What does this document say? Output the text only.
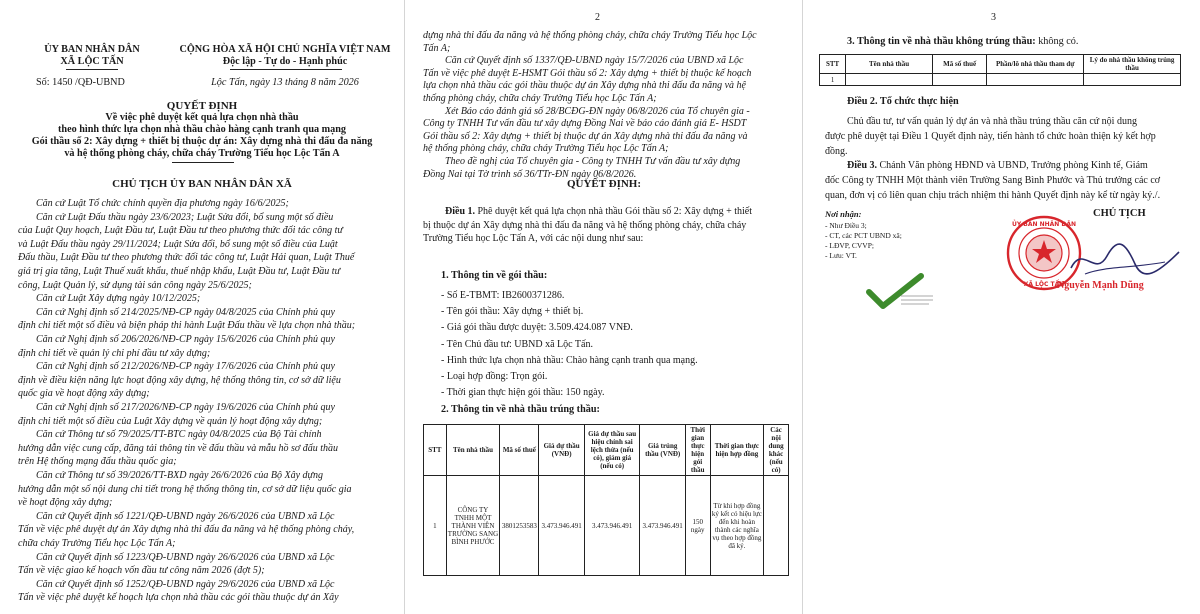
ỦY BAN NHÂN DÂN
XÃ LỘC TẤN
Số: 1450 /QĐ-UBND
CỘNG HÒA XÃ HỘI CHỦ NGHĨA VIỆT NAM
Độc lập - Tự do - Hạnh phúc
Lộc Tấn, ngày 13 tháng 8 năm 2026
QUYẾT ĐỊNH
Về việc phê duyệt kết quả lựa chọn nhà thầu
theo hình thức lựa chọn nhà thầu chào hàng cạnh tranh qua mạng
Gói thầu số 2: Xây dựng + thiết bị thuộc dự án: Xây dựng nhà thi đấu đa năng
và hệ thống phòng cháy, chữa cháy Trường Tiểu học Lộc Tấn A
CHỦ TỊCH ỦY BAN NHÂN DÂN XÃ
Căn cứ Luật Tổ chức chính quyền địa phương ngày 16/6/2025;
Căn cứ Luật Đấu thầu ngày 23/6/2023; Luật Sửa đổi, bổ sung một số điều
của Luật Quy hoạch, Luật Đầu tư, Luật Đầu tư theo phương thức đối tác công tư
và Luật Đấu thầu ngày 29/11/2024; Luật Sửa đổi, bổ sung một số điều của Luật
Đấu thầu, Luật Đầu tư theo phương thức đối tác công tư, Luật Hải quan, Luật Thuế
giá trị gia tăng, Luật Thuế xuất khẩu, thuế nhập khẩu, Luật Đầu tư, Luật Đầu tư
công, Luật Quản lý, sử dụng tài sản công ngày 25/6/2025;
Căn cứ Luật Xây dựng ngày 10/12/2025;
Căn cứ Nghị định số 214/2025/NĐ-CP ngày 04/8/2025 của Chính phủ quy
định chi tiết một số điều và biện pháp thi hành Luật Đấu thầu về lựa chọn nhà thầu;
Căn cứ Nghị định số 206/2026/NĐ-CP ngày 15/6/2026 của Chính phủ quy
định chi tiết về quản lý chi phí đầu tư xây dựng;
Căn cứ Nghị định số 212/2026/NĐ-CP ngày 17/6/2026 của Chính phủ quy
định về điều kiện năng lực hoạt động xây dựng, hệ thống thông tin, cơ sở dữ liệu
quốc gia về hoạt động xây dựng;
Căn cứ Nghị định số 217/2026/NĐ-CP ngày 19/6/2026 của Chính phủ quy
định chi tiết một số điều của Luật Xây dựng về quản lý hoạt động xây dựng;
Căn cứ Thông tư số 79/2025/TT-BTC ngày 04/8/2025 của Bộ Tài chính
hướng dẫn việc cung cấp, đăng tải thông tin về đấu thầu và mẫu hồ sơ đấu thầu
trên Hệ thống mạng đấu thầu quốc gia;
Căn cứ Thông tư số 39/2026/TT-BXD ngày 26/6/2026 của Bộ Xây dựng
hướng dẫn một số nội dung chi tiết trong hệ thống thông tin, cơ sở dữ liệu quốc gia
về hoạt động xây dựng;
Căn cứ Quyết định số 1221/QĐ-UBND ngày 26/6/2026 của UBND xã Lộc
Tấn về việc phê duyệt dự án Xây dựng nhà thi đấu đa năng và hệ thống phòng cháy,
chữa cháy Trường Tiểu học Lộc Tấn A;
Căn cứ Quyết định số 1223/QĐ-UBND ngày 26/6/2026 của UBND xã Lộc
Tấn về việc giao kế hoạch vốn đầu tư công năm 2026 (đợt 5);
Căn cứ Quyết định số 1252/QĐ-UBND ngày 29/6/2026 của UBND xã Lộc
Tấn về việc phê duyệt kế hoạch lựa chọn nhà thầu các gói thầu thuộc dự án Xây
2
dựng nhà thi đấu đa năng và hệ thống phòng cháy, chữa cháy Trường Tiểu học Lộc
Tấn A;
Căn cứ Quyết định số 1337/QĐ-UBND ngày 15/7/2026 của UBND xã Lộc
Tấn về việc phê duyệt E-HSMT Gói thầu số 2: Xây dựng + thiết bị thuộc kế hoạch
lựa chọn nhà thầu các gói thầu thuộc dự án Xây dựng nhà thi đấu đa năng và hệ
thống phòng cháy, chữa cháy Trường Tiểu học Lộc Tấn A;
Xét Báo cáo đánh giá số 28/BCĐG-ĐN ngày 06/8/2026 của Tổ chuyên gia -
Công ty TNHH Tư vấn đầu tư xây dựng Đồng Nai về báo cáo đánh giá E- HSDT
Gói thầu số 2: Xây dựng + thiết bị thuộc dự án Xây dựng nhà thi đấu đa năng và
hệ thống phòng cháy, chữa cháy Trường Tiểu học Lộc Tấn A;
Theo đề nghị của Tổ chuyên gia - Công ty TNHH Tư vấn đầu tư xây dựng
Đồng Nai tại Tờ trình số 36/TTr-ĐN ngày 06/8/2026.
QUYẾT ĐỊNH:
Điều 1. Phê duyệt kết quả lựa chọn nhà thầu Gói thầu số 2: Xây dựng + thiết
bị thuộc dự án Xây dựng nhà thi đấu đa năng và hệ thống phòng cháy, chữa cháy
Trường Tiểu học Lộc Tấn A, với các nội dung như sau:
1. Thông tin về gói thầu:
- Số E-TBMT: IB2600371286.
- Tên gói thầu: Xây dựng + thiết bị.
- Giá gói thầu được duyệt: 3.509.424.087 VNĐ.
- Tên Chủ đầu tư: UBND xã Lộc Tấn.
- Hình thức lựa chọn nhà thầu: Chào hàng cạnh tranh qua mạng.
- Loại hợp đồng: Trọn gói.
- Thời gian thực hiện gói thầu: 150 ngày.
2. Thông tin về nhà thầu trúng thầu:
STT	Tên nhà thầu	Mã số thuế	Giá dự thầu (VNĐ)	Giá dự thầu sau hiệu chỉnh sai lệch thừa (nếu có), giảm giá (nếu có)	Giá trúng thầu (VNĐ)	Thời gian thực hiện gói thầu	Thời gian thực hiện hợp đồng	Các nội dung khác (nếu có)
1	CÔNG TY TNHH MỘT THÀNH VIÊN TRƯỜNG SANG BÌNH PHƯỚC	3801253583	3.473.946.491	3.473.946.491	3.473.946.491	150 ngày	Từ khi hợp đồng ký kết có hiệu lực đến khi hoàn thành các nghĩa vụ theo hợp đồng đã ký.	
3
3. Thông tin về nhà thầu không trúng thầu: không có.
STT	Tên nhà thầu	Mã số thuế	Phần/lô nhà thầu tham dự	Lý do nhà thầu không trúng thầu
1				
Điều 2. Tổ chức thực hiện
Chủ đầu tư, tư vấn quản lý dự án và nhà thầu trúng thầu căn cứ nội dung
được phê duyệt tại Điều 1 Quyết định này, tiến hành tổ chức hoàn thiện ký kết hợp
đồng.
Điều 3. Chánh Văn phòng HĐND và UBND, Trưởng phòng Kinh tế, Giám
đốc Công ty TNHH Một thành viên Trường Sang Bình Phước và Thủ trưởng các cơ
quan, đơn vị có liên quan chịu trách nhiệm thi hành Quyết định này kể từ ngày ký./.
Nơi nhận:
- Như Điều 3;
- CT, các PCT UBND xã;
- LĐVP, CVVP;
- Lưu: VT.
CHỦ TỊCH
ỦY BAN NHÂN DÂN
XÃ LỘC TẤN
Nguyễn Mạnh Dũng
